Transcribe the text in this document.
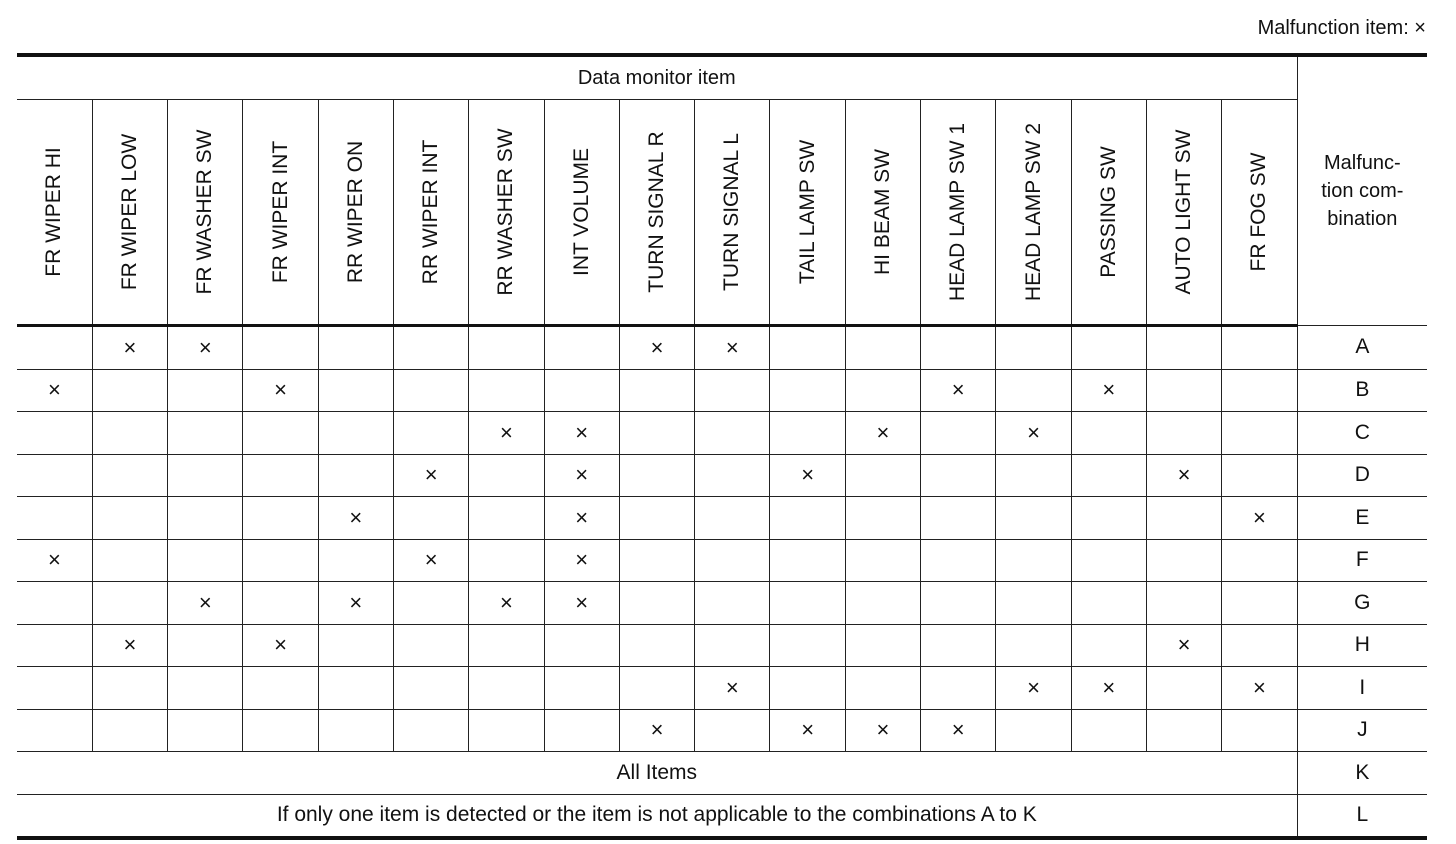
Malfunction item: ×
Data monitor item																	Malfunc-
tion com-
bination

FR WIPER HI	FR WIPER LOW	FR WASHER SW	FR WIPER INT	RR WIPER ON	RR WIPER INT	RR WASHER SW	INT VOLUME	TURN SIGNAL R	TURN SIGNAL L	TAIL LAMP SW	HI BEAM SW	HEAD LAMP SW 1	HEAD LAMP SW 2	PASSING SW	AUTO LIGHT SW	FR FOG SW	

	×	×						×	×								A
×			×									×		×			B
						×	×				×		×				C
					×		×			×					×		D
				×			×									×	E
×					×		×										F
		×		×		×	×										G
	×		×												×		H
									×				×	×		×	I
								×		×	×	×					J
All Items																	K
If only one item is detected or the item is not applicable to the combinations A to K																	L
